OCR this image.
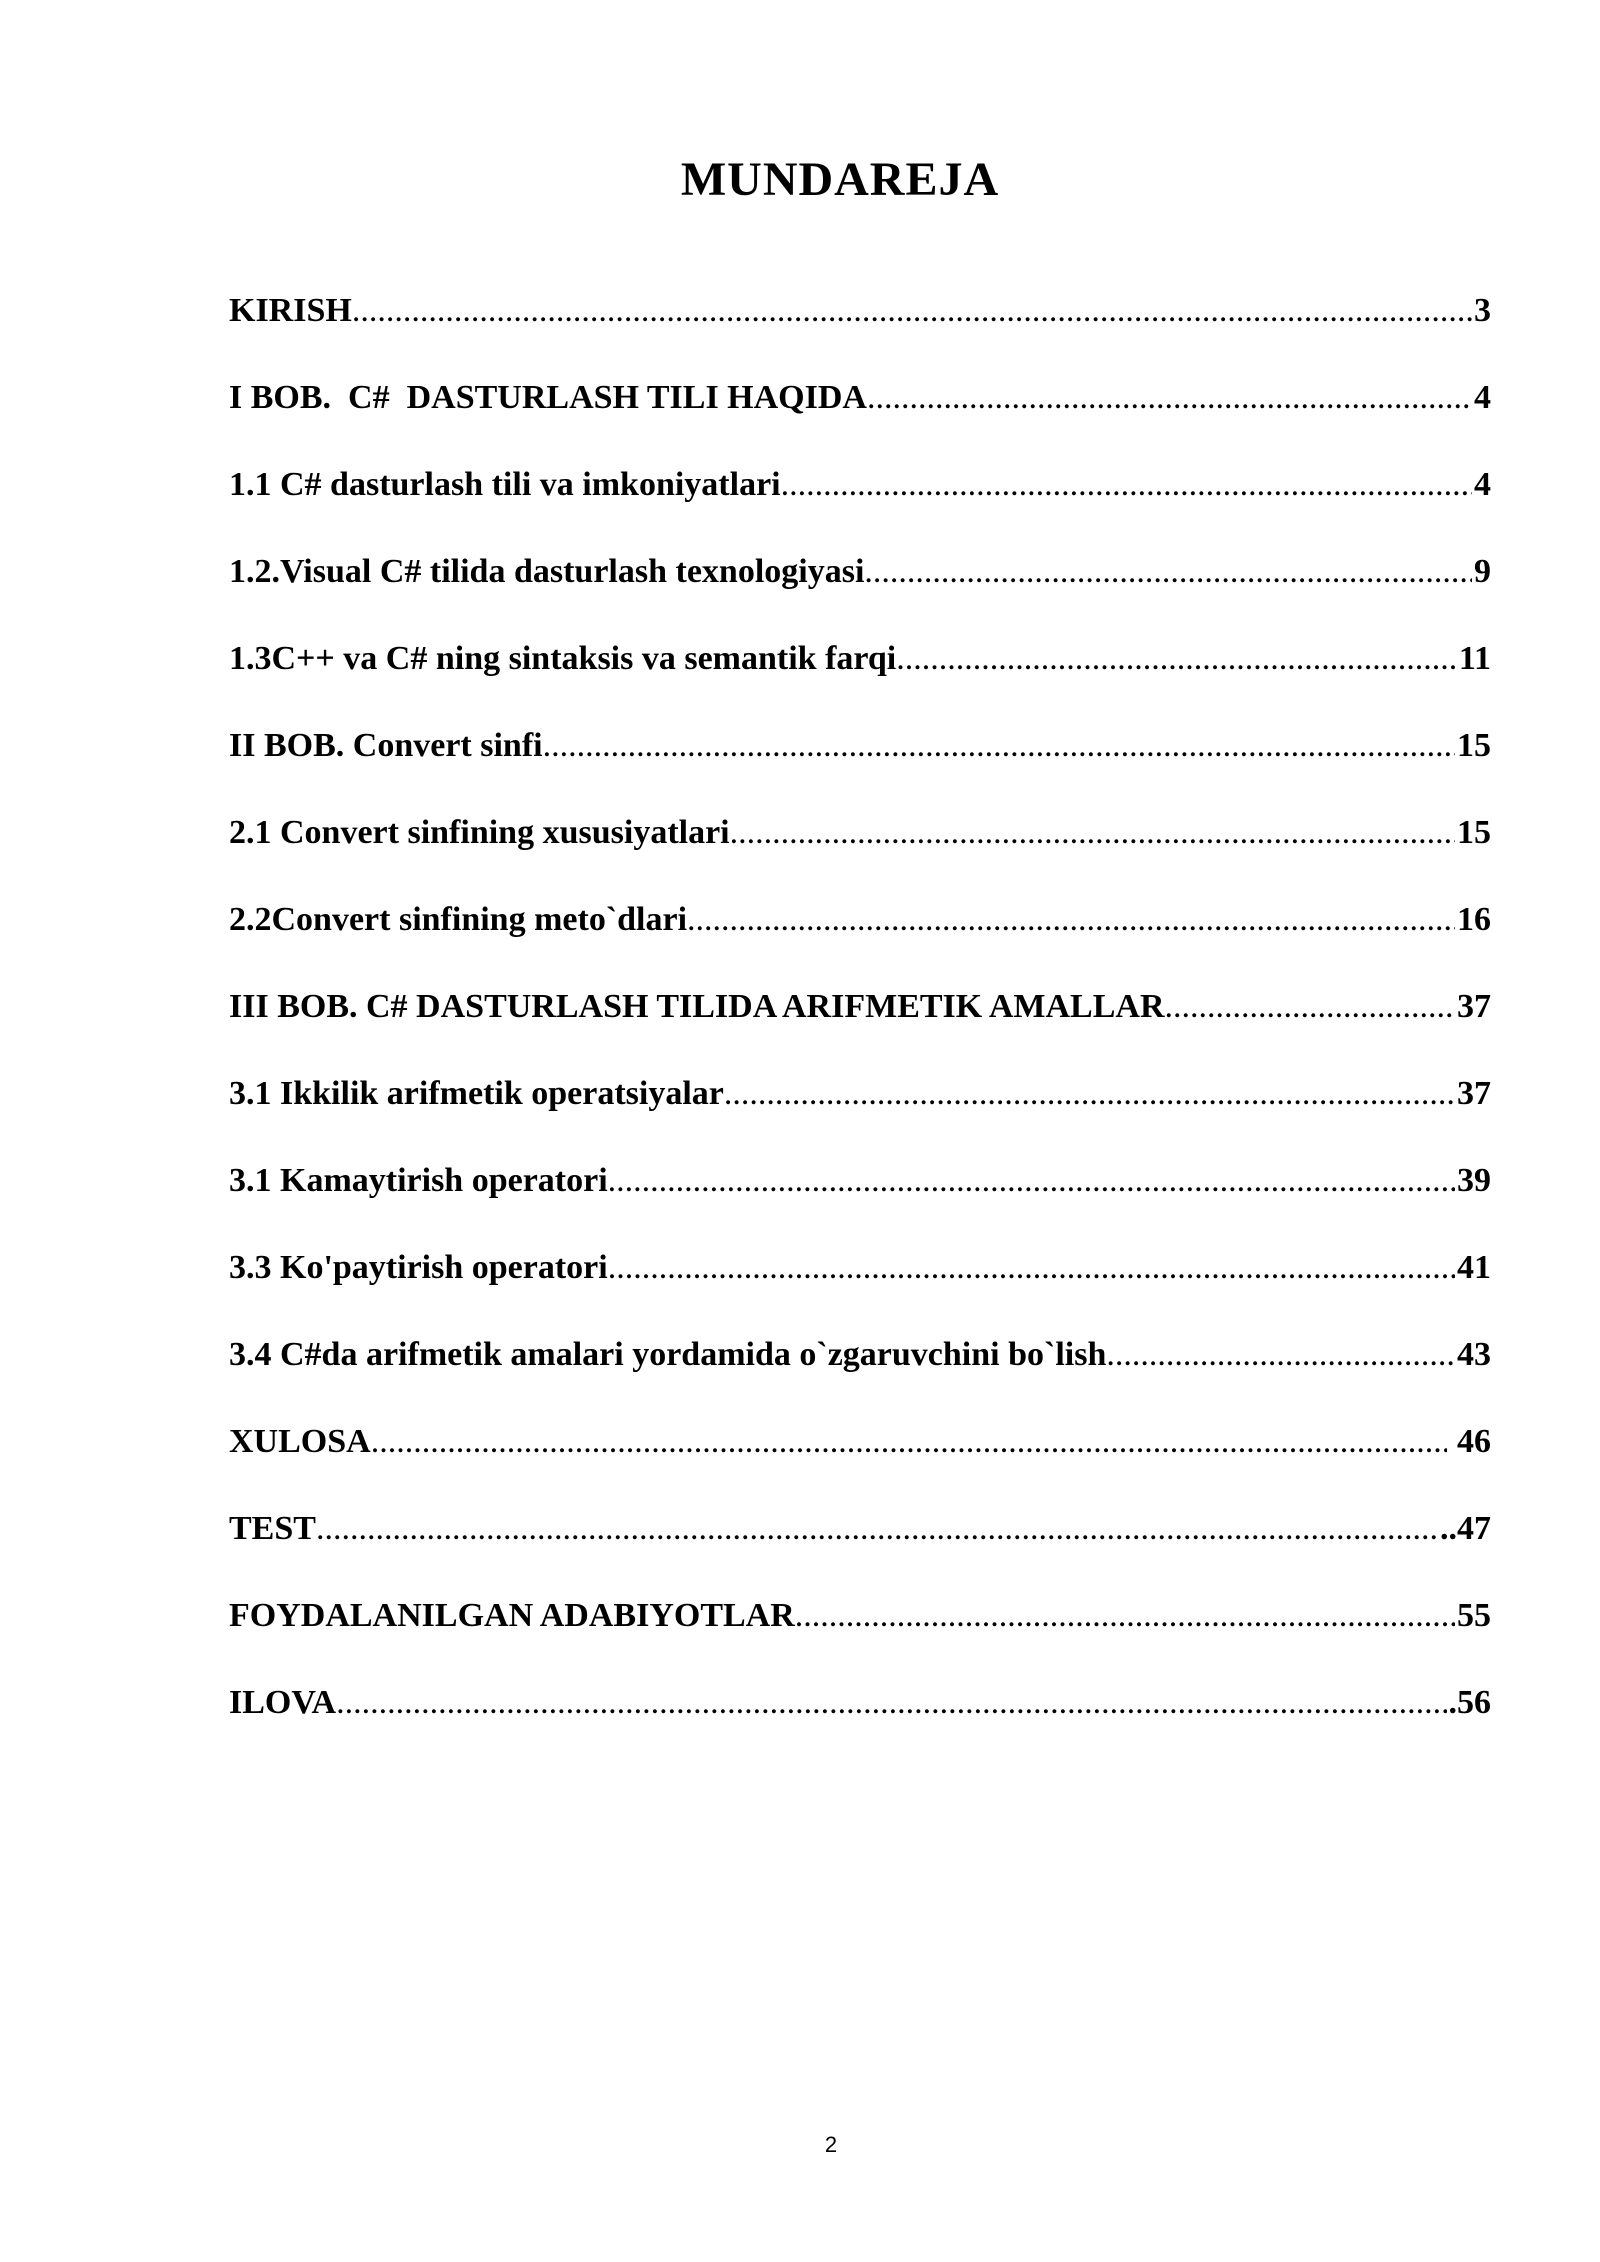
MUNDAREJA
KIRISH .....	3
I BOB.  C#  DASTURLASH TILI HAQIDA .....	4
1.1 C# dasturlash tili va imkoniyatlari .....	4
1.2.Visual C# tilida dasturlash texnologiyasi .....	9
1.3C++ va C# ning sintaksis va semantik farqi .....	11
II BOB. Convert sinfi .....	15
2.1 Convert sinfining xususiyatlari .....	15
2.2Convert sinfining meto`dlari .....	16
III BOB. C# DASTURLASH TILIDA ARIFMETIK AMALLAR .....	37
3.1 Ikkilik arifmetik operatsiyalar .....	37
3.1 Kamaytirish operatori .....	39
3.3 Ko'paytirish operatori .....	41
3.4 C#da arifmetik amalari yordamida o`zgaruvchini bo`lish .....	43
XULOSA .....	46
TEST .....	..47
FOYDALANILGAN ADABIYOTLAR .....	55
ILOVA .....	.56
2
